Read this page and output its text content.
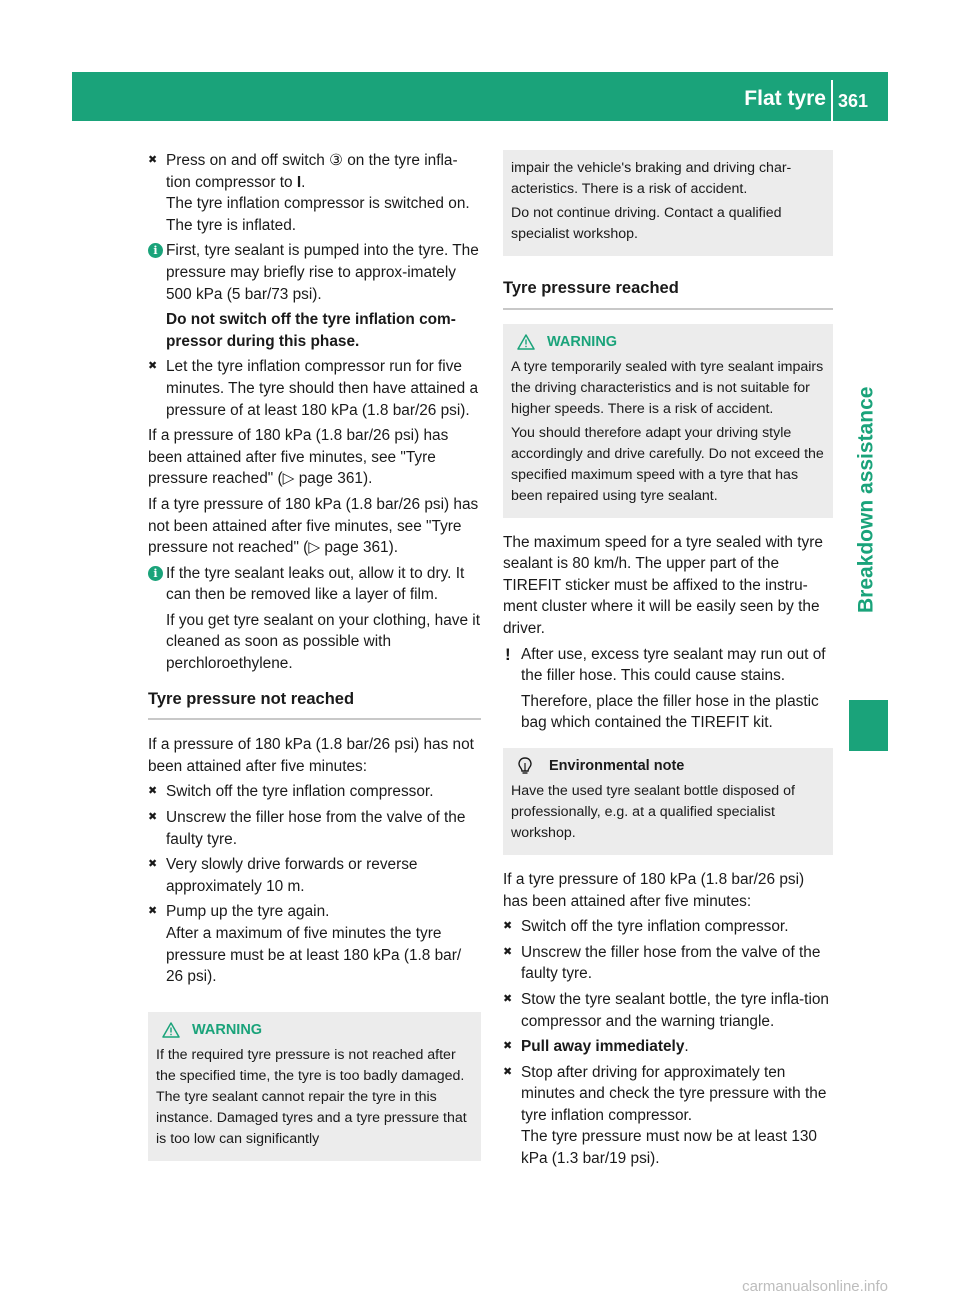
Flat tyre 361
Breakdown assistance
✖ Press on and off switch ③ on the tyre infla-tion compressor to I.
The tyre inflation compressor is switched on. The tyre is inflated.
i First, tyre sealant is pumped into the tyre. The pressure may briefly rise to approx-imately 500 kPa (5 bar/73 psi).

Do not switch off the tyre inflation com-pressor during this phase.

✖ Let the tyre inflation compressor run for five minutes. The tyre should then have attained a pressure of at least 180 kPa (1.8 bar/26 psi).

If a pressure of 180 kPa (1.8 bar/26 psi) has been attained after five minutes, see "Tyre pressure reached" (▷ page 361).

If a tyre pressure of 180 kPa (1.8 bar/26 psi) has not been attained after five minutes, see "Tyre pressure not reached" (▷ page 361).

i If the tyre sealant leaks out, allow it to dry. It can then be removed like a layer of film.

If you get tyre sealant on your clothing, have it cleaned as soon as possible with perchloroethylene.

Tyre pressure not reached

If a pressure of 180 kPa (1.8 bar/26 psi) has not been attained after five minutes:

✖ Switch off the tyre inflation compressor.
✖ Unscrew the filler hose from the valve of the faulty tyre.
✖ Very slowly drive forwards or reverse approximately 10 m.
✖ Pump up the tyre again.
After a maximum of five minutes the tyre pressure must be at least 180 kPa (1.8 bar/ 26 psi).
WARNING

If the required tyre pressure is not reached after the specified time, the tyre is too badly damaged. The tyre sealant cannot repair the tyre in this instance. Damaged tyres and a tyre pressure that is too low can significantly

impair the vehicle's braking and driving char-acteristics. There is a risk of accident.

Do not continue driving. Contact a qualified specialist workshop.

Tyre pressure reached
WARNING

A tyre temporarily sealed with tyre sealant impairs the driving characteristics and is not suitable for higher speeds. There is a risk of accident.

You should therefore adapt your driving style accordingly and drive carefully. Do not exceed the specified maximum speed with a tyre that has been repaired using tyre sealant.

The maximum speed for a tyre sealed with tyre sealant is 80 km/h. The upper part of the TIREFIT sticker must be affixed to the instru-ment cluster where it will be easily seen by the driver.

! After use, excess tyre sealant may run out of the filler hose. This could cause stains.

Therefore, place the filler hose in the plastic bag which contained the TIREFIT kit.

Environmental note

Have the used tyre sealant bottle disposed of professionally, e.g. at a qualified specialist workshop.

If a tyre pressure of 180 kPa (1.8 bar/26 psi) has been attained after five minutes:

✖ Switch off the tyre inflation compressor.
✖ Unscrew the filler hose from the valve of the faulty tyre.
✖ Stow the tyre sealant bottle, the tyre infla-tion compressor and the warning triangle.
✖ Pull away immediately.
✖ Stop after driving for approximately ten minutes and check the tyre pressure with the tyre inflation compressor.
The tyre pressure must now be at least 130 kPa (1.3 bar/19 psi).
carmanualsonline.info
